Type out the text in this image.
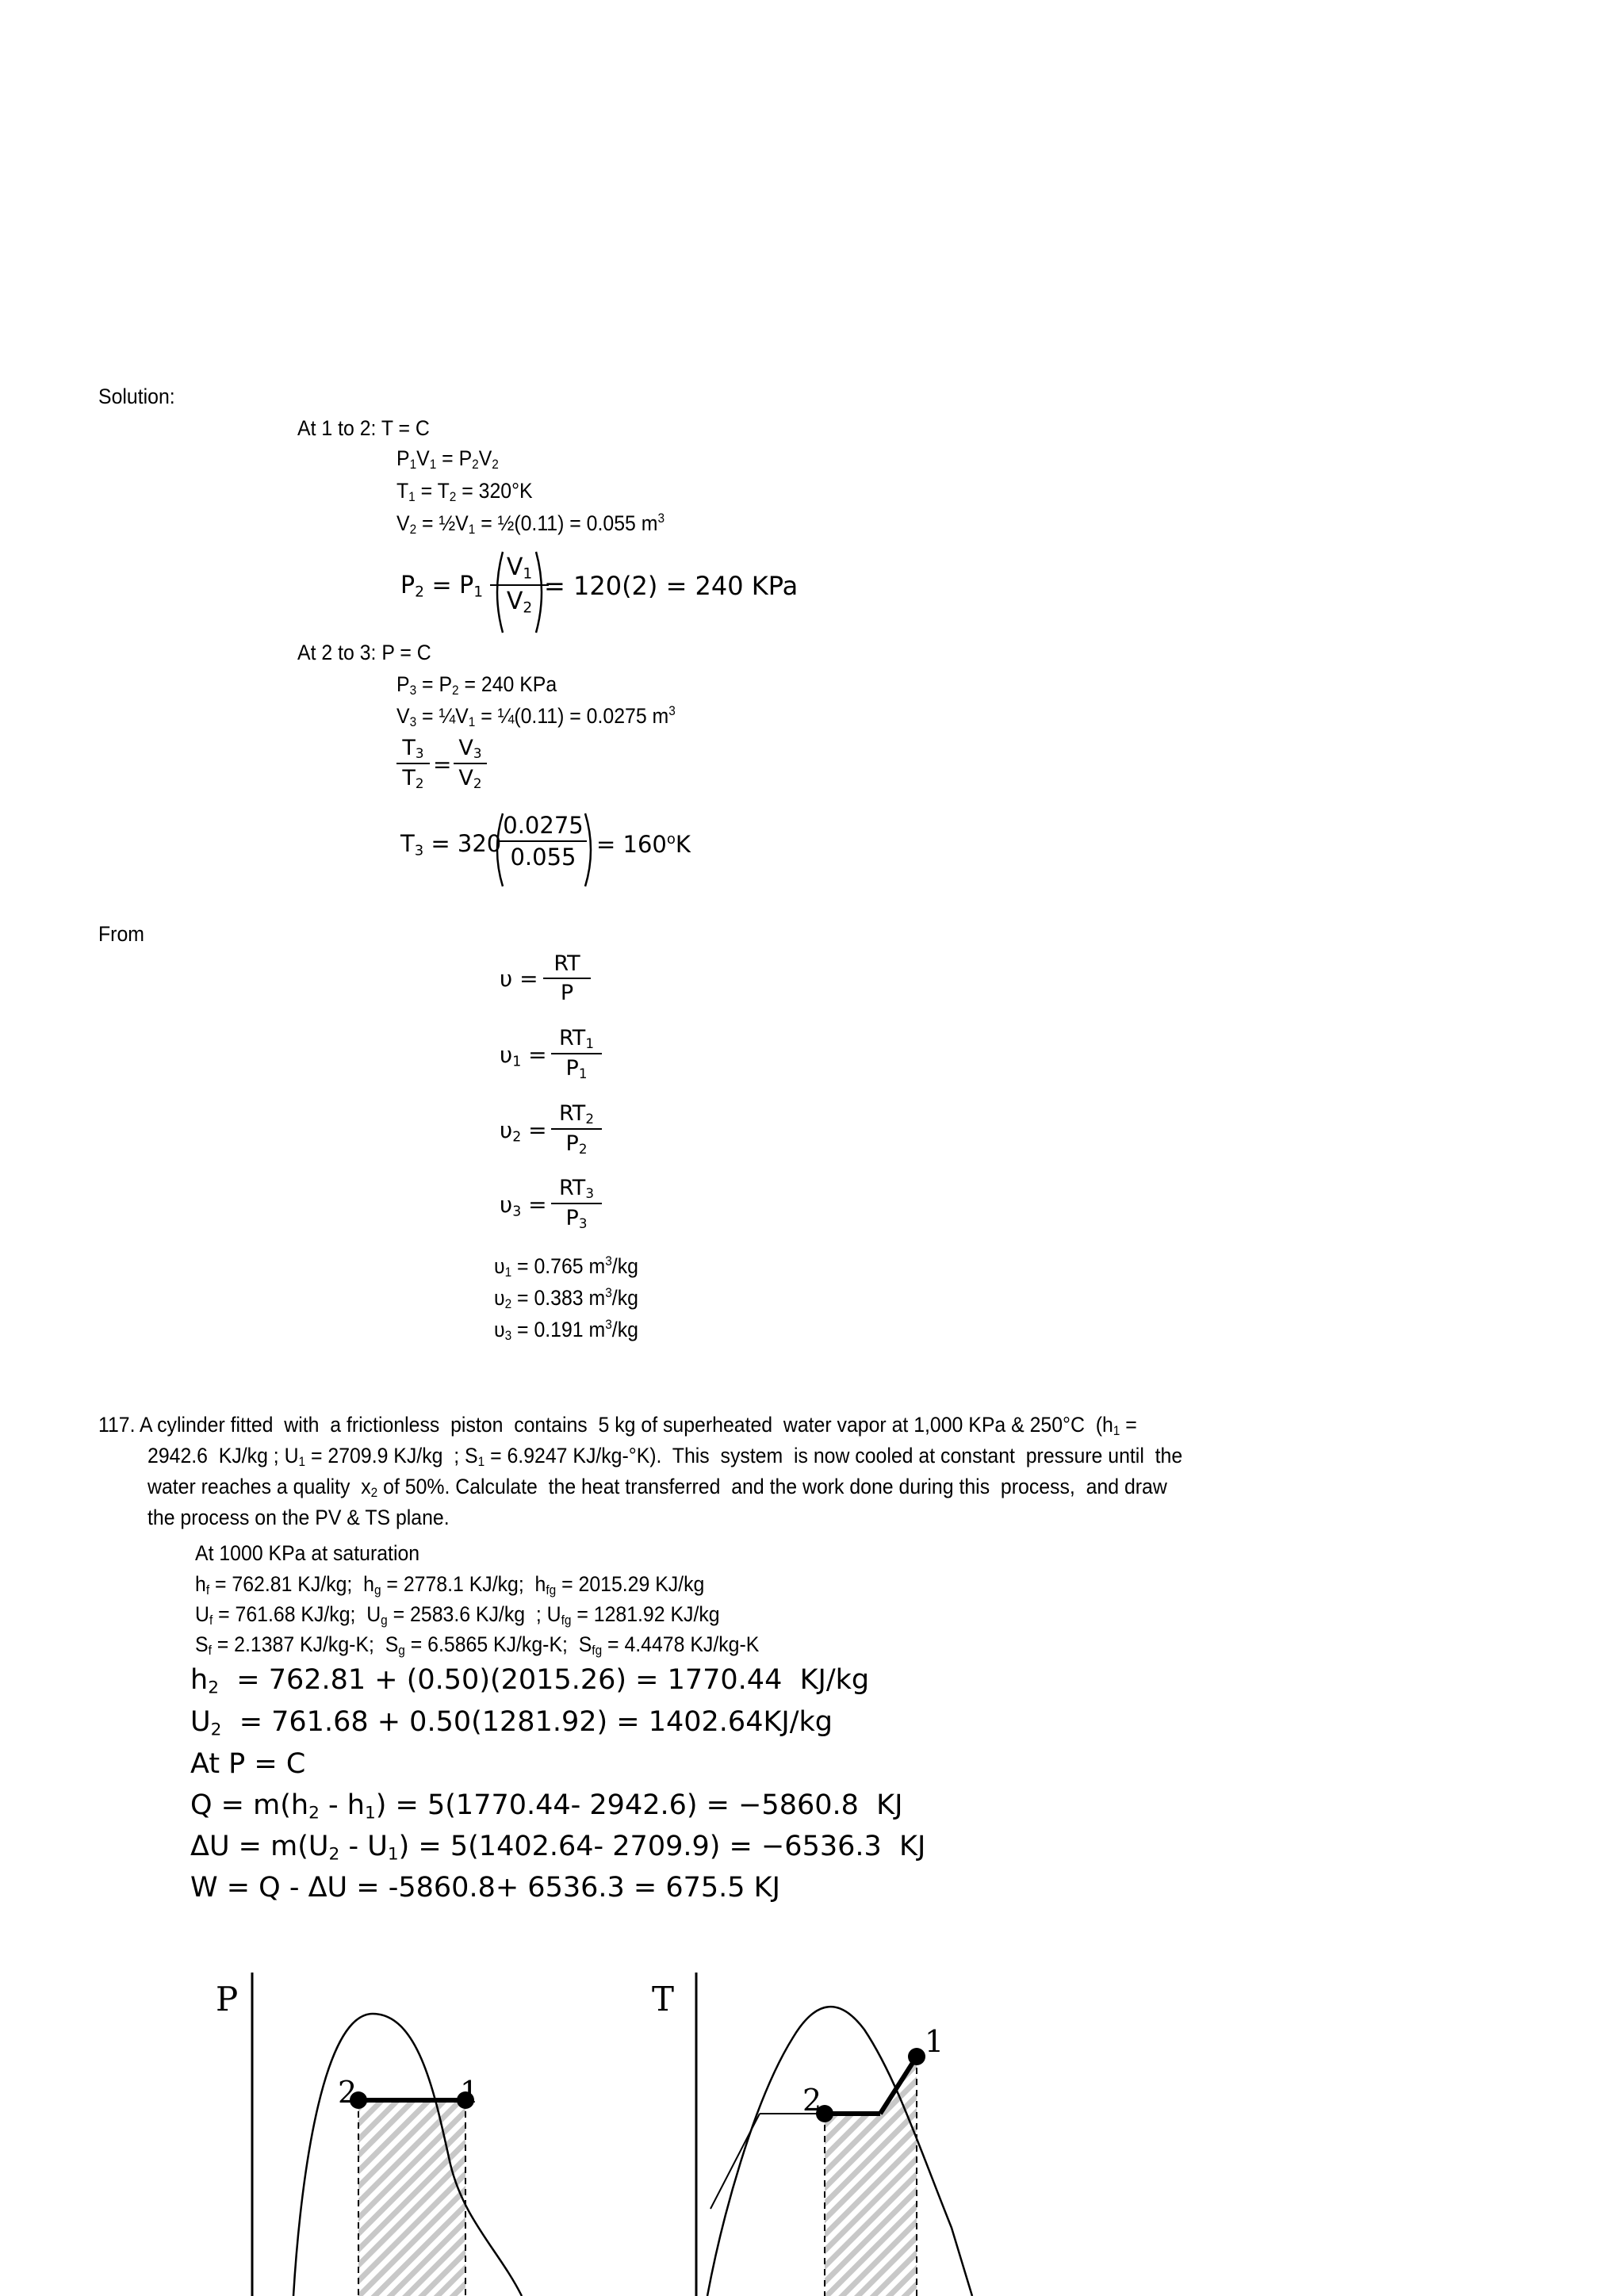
Solution:
At 1 to 2: T = C
$P_1V_1 = P_2V_2$
$T_1 = T_2 = 320^\circ K$
$V_2$ = $\frac{1}{2}V_1$ = ½(0.11) = 0.055 $m^3$
$P_2 = P_1 \frac{V_1}{V_2}$
= 120(2) = 240 KPa
At 2 to 3: P = C
$P_3 = P_2 = 240$ KPa
$V_3$ = $\frac{1}{4}V_1$ = ¼(0.11) = 0.0275 $m^3$
$\frac{T_3}{T_2} = \frac{V_3}{V_2}$
$T_3 = 320$
$\frac{0.0275}{0.055} = 160^oK$
From
$\upsilon = \frac{RT}{P}$
$\upsilon_1 = \frac{RT_1}{P_1}$
$\upsilon_2 = \frac{RT_2}{P_2}$
$\upsilon_3 = \frac{RT_3}{P_3}$
$\upsilon_1 = 0.765$ $m^3/kg$
$\upsilon_2 = 0.383$ $m^3/kg$
$\upsilon_3 = 0.191$ $m^3/kg$
117. A cylinder fitted  with  a frictionless  piston  contains  5 kg of superheated  water vapor at 1,000 KPa & 250°C  ($h_1$ =
2942.6  KJ/kg ; $U_1 = 2709.9$ KJ/kg  ; $S_1 = 6.9247$ KJ/kg-°K).  This  system  is now cooled at constant  pressure until  the
water reaches a quality  $x_2$ of 50%. Calculate  the heat transferred  and the work done during this  process,  and draw
the process on the PV & TS plane.
At 1000 KPa at saturation
$h_f = 762.81$ KJ/kg;  $h_g = 2778.1$ KJ/kg;  $h_{fg} = 2015.29$ KJ/kg
$U_f = 761.68$ KJ/kg;  $U_g = 2583.6$ KJ/kg  ; $U_{fg} = 1281.92$ KJ/kg
$S_f = 2.1387$ KJ/kg-K;  $S_g = 6.5865$ KJ/kg-K;  $S_{fg} = 4.4478$ KJ/kg-K
$h_2 = 762.81 + (0.50)(2015.26) = 1770.44$  KJ/kg
$U_2 = 761.68 + 0.50(1281.92) = 1402.64KJ/kg$
At P = C
$Q = m(h_2 - h_1) = 5(1770.44-$ 2942.6) = −5860.8  KJ
$\Delta U = m(U_2 - U_1) = 5(1402.64-$ 2709.9) = −6536.3  KJ
W = Q - ΔU = -5860.8+ 6536.3 = 675.5 KJ
P
2	1
T
2
1
